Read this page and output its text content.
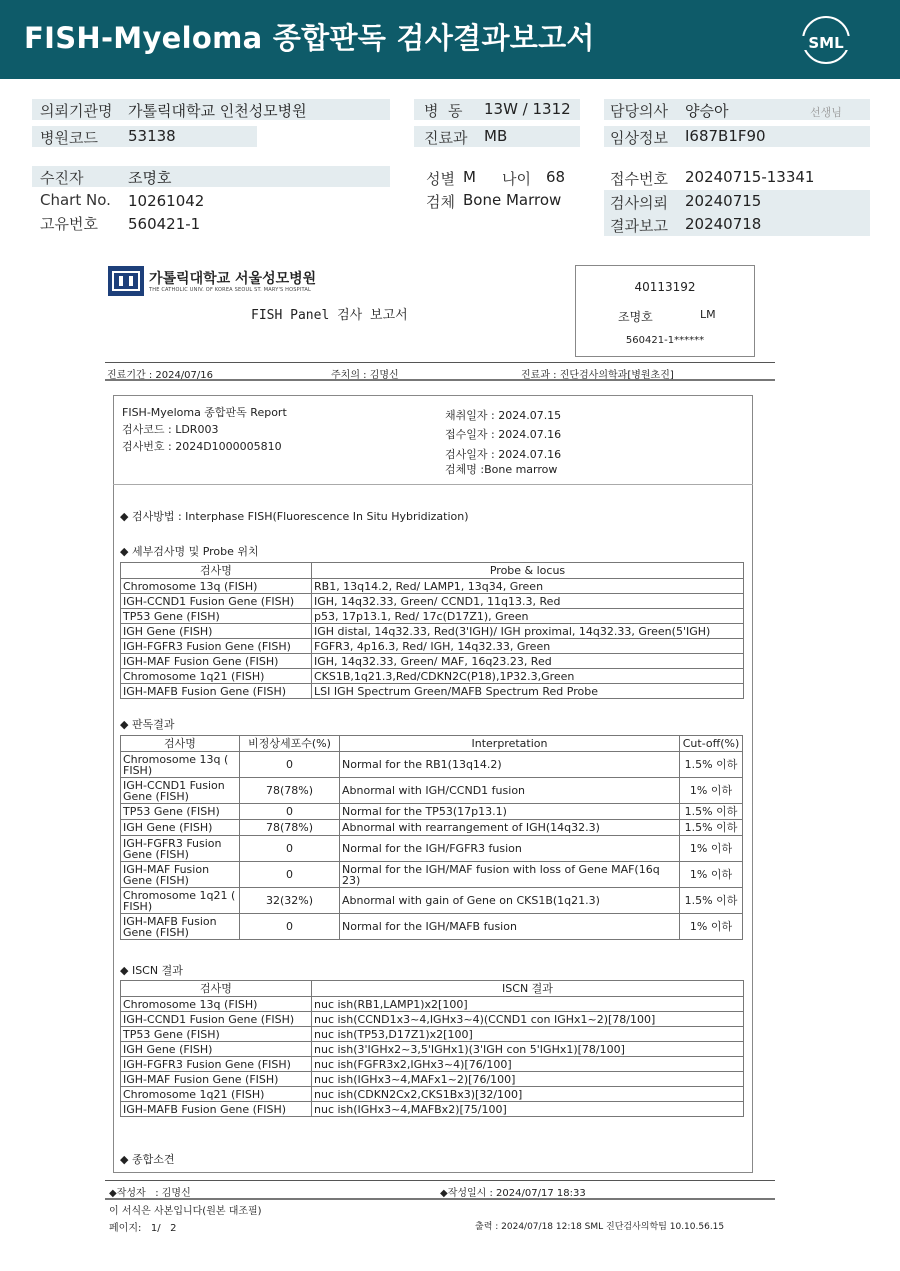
FISH-Myeloma 종합판독 검사결과보고서	SML
의뢰기관명 가톨릭대학교 인천성모병원
병원코드 53138
병  동 13W / 1312
진료과 MB
담당의사 양승아	선생님
임상정보 I687B1F90
수진자	조명호
Chart No. 10261042
고유번호 560421-1
성별 M 나이 68
검체 Bone Marrow
접수번호 20240715-13341
검사의뢰 20240715
결과보고 20240718
가톨릭대학교 서울성모병원
THE CATHOLIC UNIV. OF KOREA SEOUL ST. MARY'S HOSPITAL
FISH Panel 검사 보고서
40113192
조명호	LM
560421-1******
진료기간 : 2024/07/16	주치의 : 김명신	진료과 : 진단검사의학과[병원초진]
FISH-Myeloma 종합판독 Report
검사코드 : LDR003
검사번호 : 2024D1000005810
채취일자 : 2024.07.15
접수일자 : 2024.07.16
검사일자 : 2024.07.16
검체명 :Bone marrow
◆ 검사방법 : Interphase FISH(Fluorescence In Situ Hybridization)
◆ 세부검사명 및 Probe 위치
검사명	Probe & locus
Chromosome 13q (FISH)	RB1, 13q14.2, Red/ LAMP1, 13q34, Green
IGH-CCND1 Fusion Gene (FISH)	IGH, 14q32.33, Green/ CCND1, 11q13.3, Red
TP53 Gene (FISH)	p53, 17p13.1, Red/ 17c(D17Z1), Green
IGH Gene (FISH)	IGH distal, 14q32.33, Red(3'IGH)/ IGH proximal, 14q32.33, Green(5'IGH)
IGH-FGFR3 Fusion Gene (FISH)	FGFR3, 4p16.3, Red/ IGH, 14q32.33, Green
IGH-MAF Fusion Gene (FISH)	IGH, 14q32.33, Green/ MAF, 16q23.23, Red
Chromosome 1q21 (FISH)	CKS1B,1q21.3,Red/CDKN2C(P18),1P32.3,Green
IGH-MAFB Fusion Gene (FISH)	LSI IGH Spectrum Green/MAFB Spectrum Red Probe
◆ 판독결과
검사명	비정상세포수(%)	Interpretation	Cut-off(%)
Chromosome 13q ( FISH)	0	Normal for the RB1(13q14.2)	1.5% 이하
IGH-CCND1 Fusion Gene (FISH)	78(78%)	Abnormal with IGH/CCND1 fusion	1% 이하
TP53 Gene (FISH)	0	Normal for the TP53(17p13.1)	1.5% 이하
IGH Gene (FISH)	78(78%)	Abnormal with rearrangement of IGH(14q32.3)	1.5% 이하
IGH-FGFR3 Fusion Gene (FISH)	0	Normal for the IGH/FGFR3 fusion	1% 이하
IGH-MAF Fusion Gene (FISH)	0	Normal for the IGH/MAF fusion with loss of Gene MAF(16q 23)	1% 이하
Chromosome 1q21 ( FISH)	32(32%)	Abnormal with gain of Gene on CKS1B(1q21.3)	1.5% 이하
IGH-MAFB Fusion Gene (FISH)	0	Normal for the IGH/MAFB fusion	1% 이하
◆ ISCN 결과
검사명	ISCN 결과
Chromosome 13q (FISH)	nuc ish(RB1,LAMP1)x2[100]
IGH-CCND1 Fusion Gene (FISH)	nuc ish(CCND1x3~4,IGHx3~4)(CCND1 con IGHx1~2)[78/100]
TP53 Gene (FISH)	nuc ish(TP53,D17Z1)x2[100]
IGH Gene (FISH)	nuc ish(3'IGHx2~3,5'IGHx1)(3'IGH con 5'IGHx1)[78/100]
IGH-FGFR3 Fusion Gene (FISH)	nuc ish(FGFR3x2,IGHx3~4)[76/100]
IGH-MAF Fusion Gene (FISH)	nuc ish(IGHx3~4,MAFx1~2)[76/100]
Chromosome 1q21 (FISH)	nuc ish(CDKN2Cx2,CKS1Bx3)[32/100]
IGH-MAFB Fusion Gene (FISH)	nuc ish(IGHx3~4,MAFBx2)[75/100]
◆ 종합소견
◆작성자   : 김명신	◆작성일시 : 2024/07/17 18:33
이 서식은 사본입니다(원본 대조필)
페이지:   1/   2	출력 : 2024/07/18 12:18 SML 진단검사의학팀 10.10.56.15
